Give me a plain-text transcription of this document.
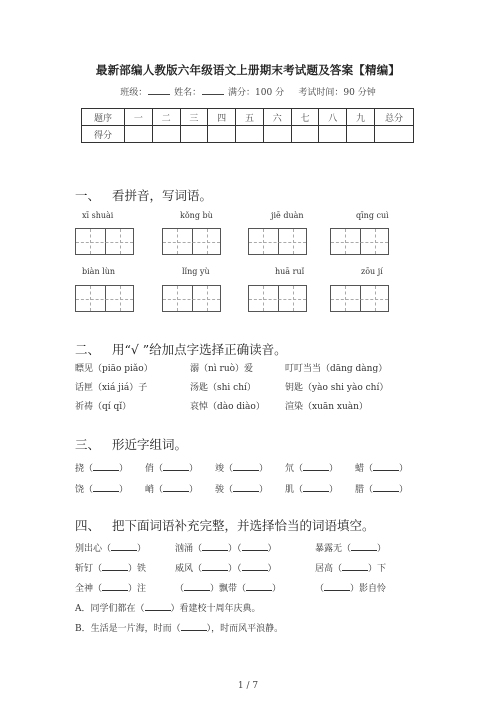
最新部编人教版六年级语文上册期末考试题及答案【精编】
班级：	姓名：	满分：100 分 考试时间：90 分钟
题序	一	二	三	四	五	六	七	八	九	总分
得分										
一、 看拼音，写词语。
xī shuài	kǒng bù	jiē duàn	qīng cuì
biàn lùn	lǐng yù	huā ruǐ	zōu jí
二、 用“√ ”给加点字选择正确读音。
瞟见（piāo piǎo）	溺（nì ruò）爱	叮叮当当（dāng dàng）
话匣（xiá jiá）子	汤匙（shi chí）	钥匙（yào shi yào chí）
祈祷（qí qǐ）	哀悼（dào diào） 渲染（xuān xuàn）
三、 形近字组词。
挠（	） 俏（	） 竣（	） 氘（	） 蜡（	）
饶（	） 峭（	） 骏（	） 肌（	） 腊（	）
四、 把下面词语补充完整，并选择恰当的词语填空。
别出心（	）	汹涌（	）（	）	暴露无（	）
斩钉（	）铁	威风（	）（	）	居高（	）下
全神（	）注	（	）飘带（	）	（	）影自怜
A．同学们都在（	）看建校十周年庆典。
B．生活是一片海，时而（	），时而风平浪静。
1 / 7
